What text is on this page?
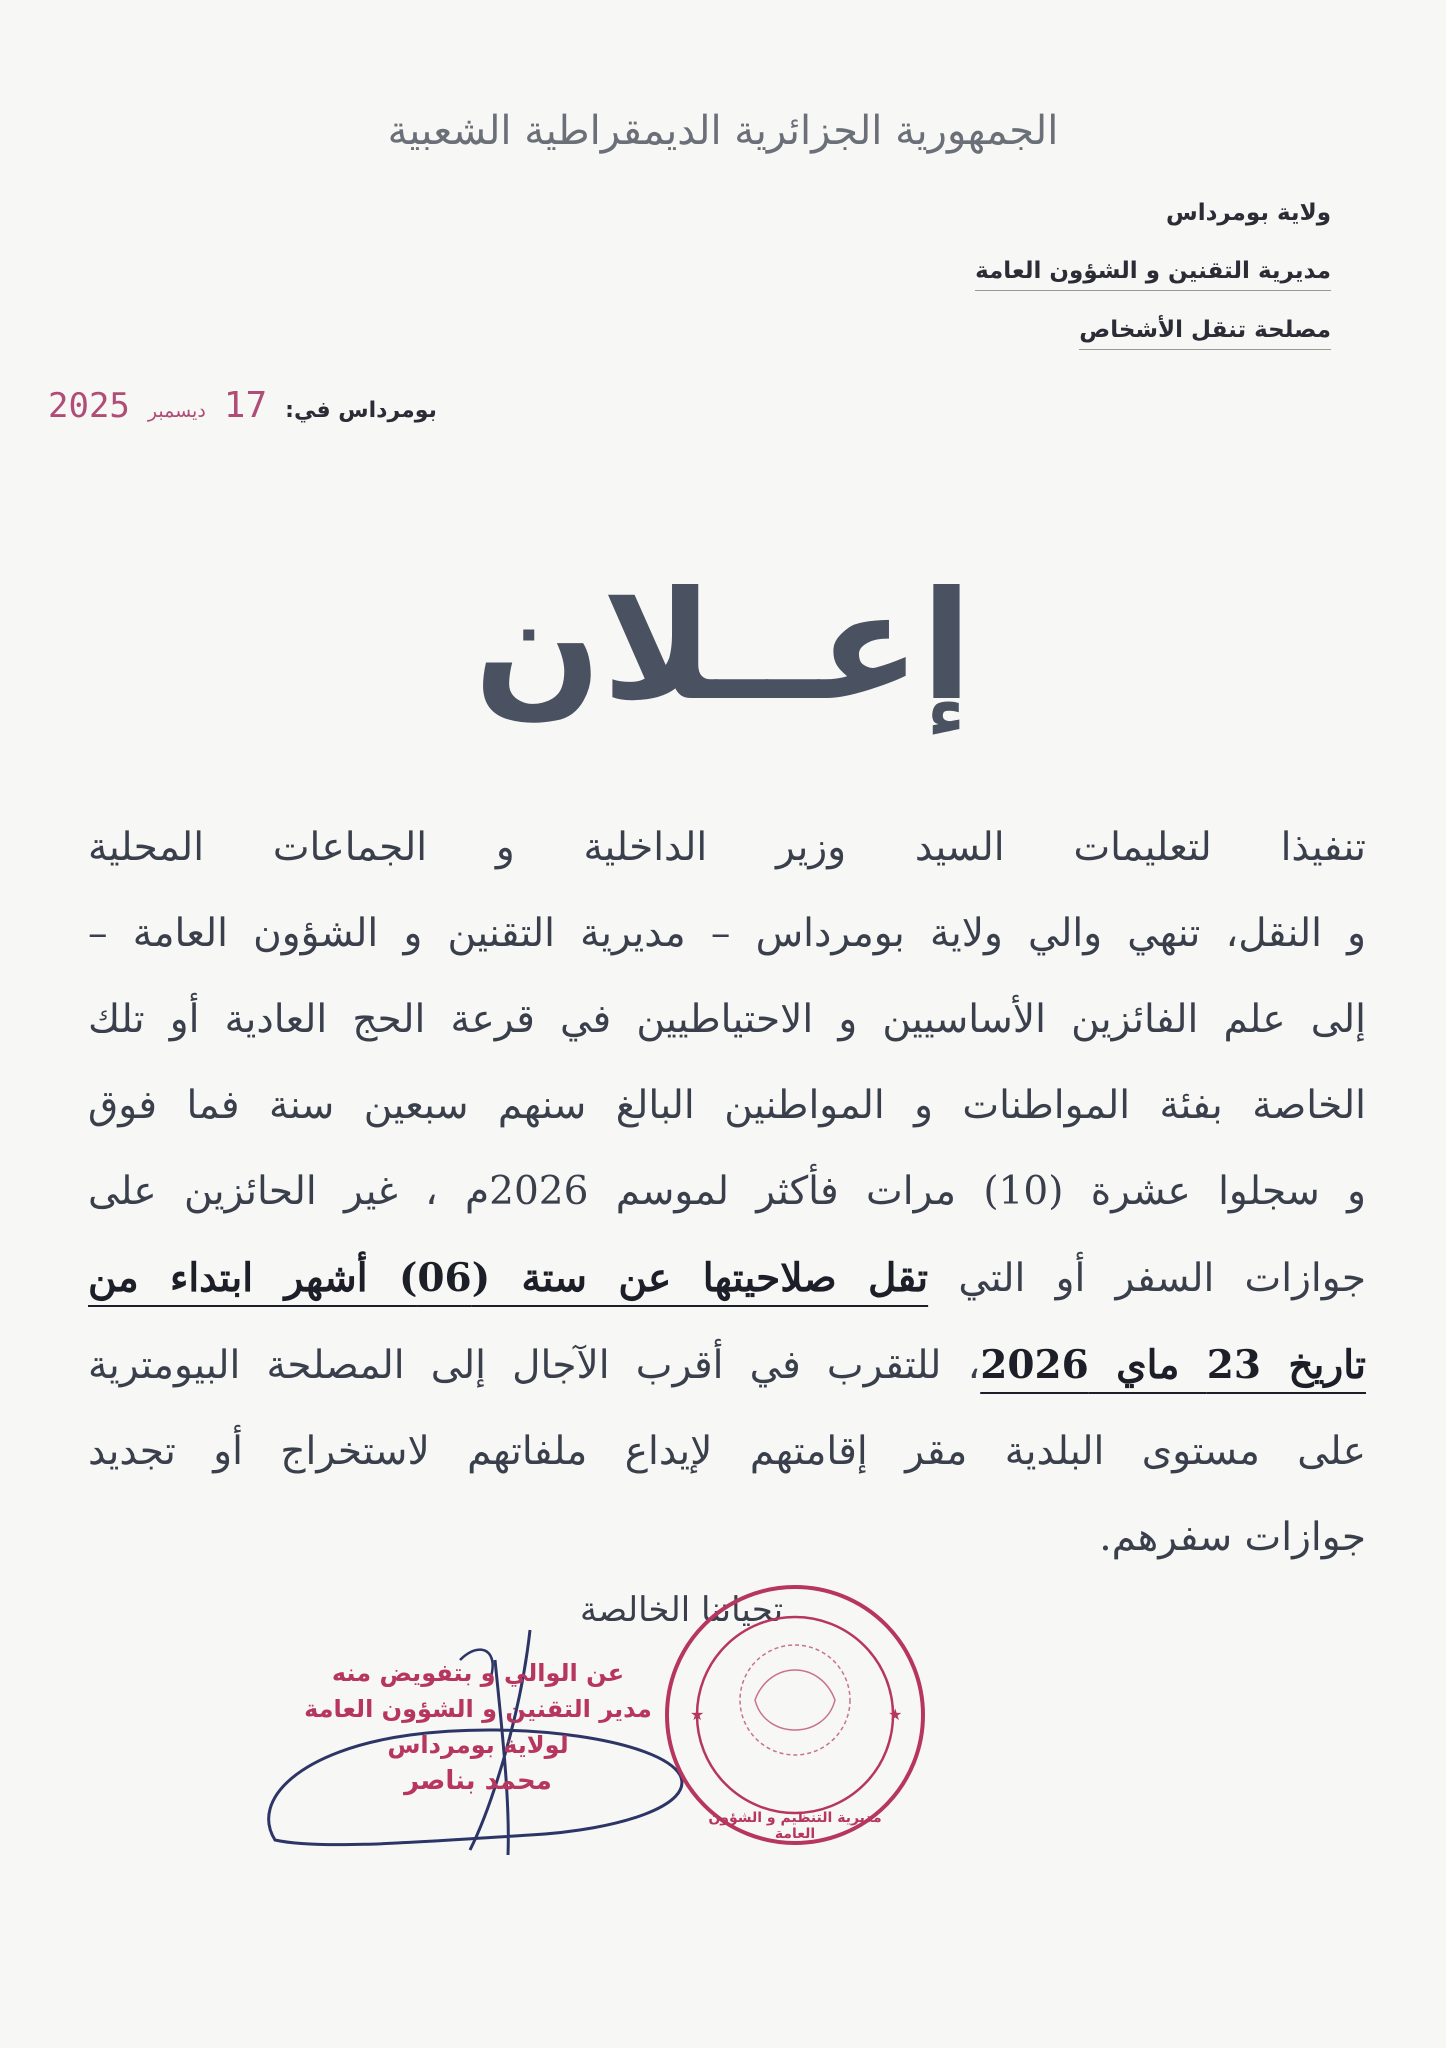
الجمهورية الجزائرية الديمقراطية الشعبية
ولاية بومرداس
مديرية التقنين و الشؤون العامة
مصلحة تنقل الأشخاص
بومرداس في:
17
ديسمبر
2025
إعــلان
تنفيذا لتعليمات السيد وزير الداخلية و الجماعات المحلية
و النقل، تنهي والي ولاية بومرداس – مديرية التقنين و الشؤون العامة –
إلى علم الفائزين الأساسيين و الاحتياطيين في قرعة الحج العادية أو تلك
الخاصة بفئة المواطنات و المواطنين البالغ سنهم سبعين سنة فما فوق
و سجلوا عشرة (10) مرات فأكثر لموسم 2026م ، غير الحائزين على
جوازات السفر أو التي تقل صلاحيتها عن ستة (06) أشهر ابتداء من
تاريخ 23 ماي 2026، للتقرب في أقرب الآجال إلى المصلحة البيومترية
على مستوى البلدية مقر إقامتهم لإيداع ملفاتهم لاستخراج أو تجديد
جوازات سفرهم.
تحياتنا الخالصة
عن الوالي و بتفويض منه
مدير التقنين و الشؤون العامة
لولاية بومرداس
محمد بناصر
★	★
مديرية التنظيم و الشؤون العامة
